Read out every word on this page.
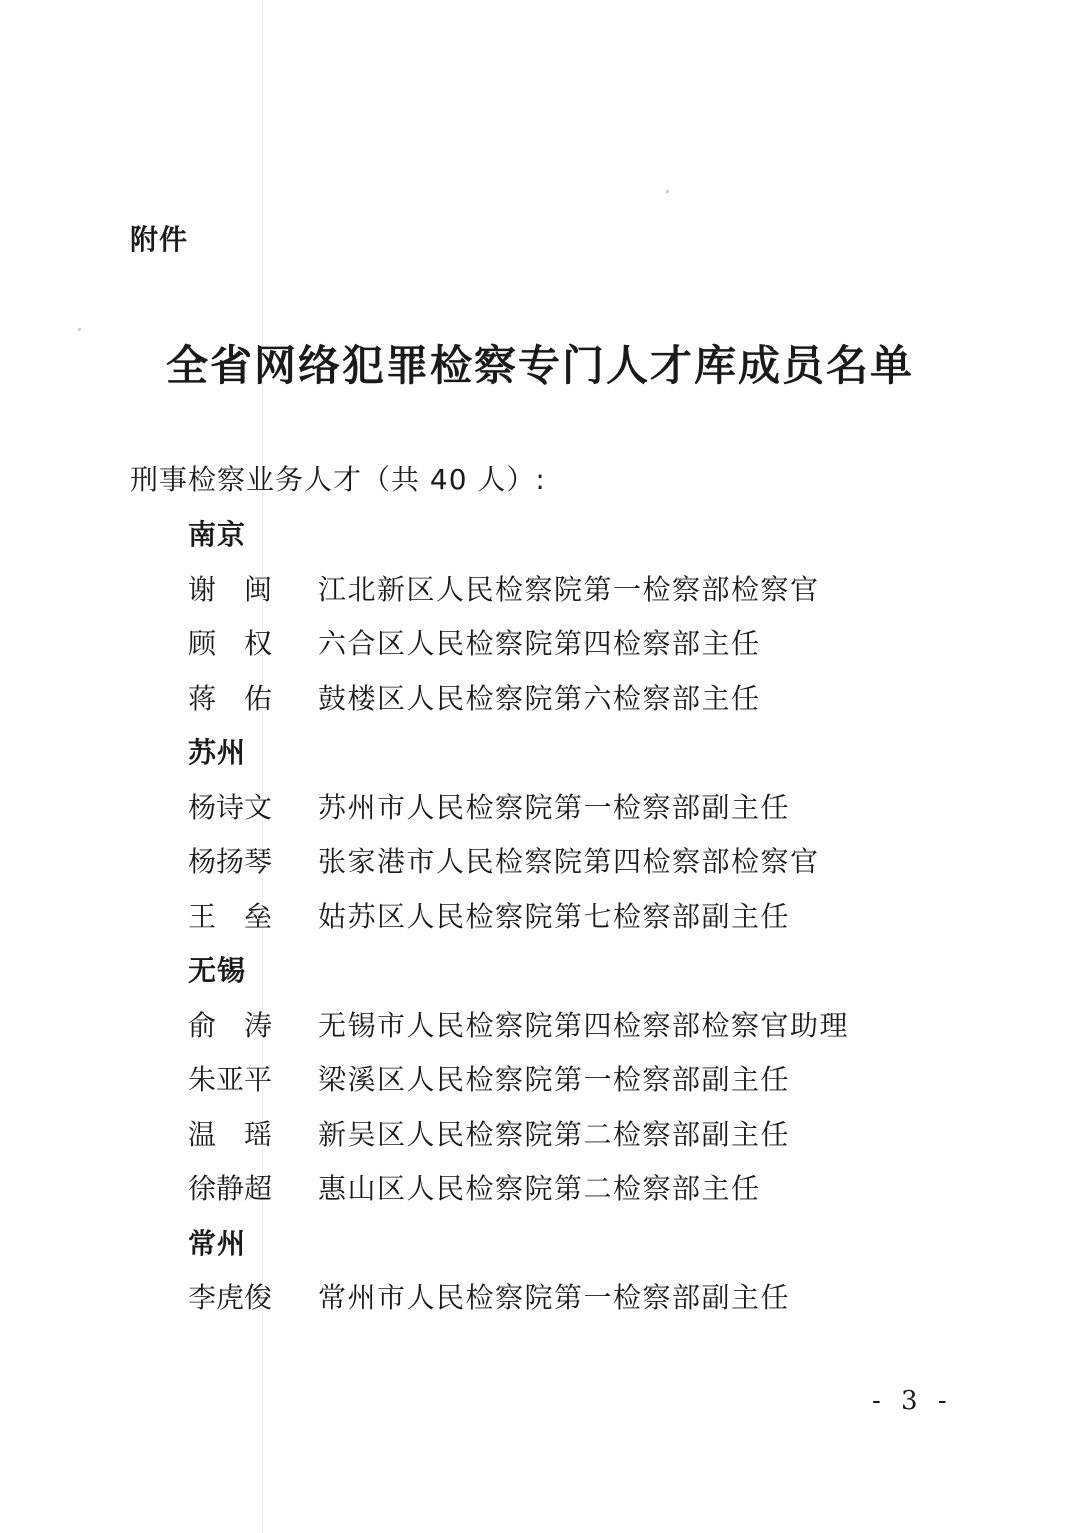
附件
全省网络犯罪检察专门人才库成员名单
刑事检察业务人才（共 40 人）:
南京
谢闽 江北新区人民检察院第一检察部检察官
顾权 六合区人民检察院第四检察部主任
蒋佑 鼓楼区人民检察院第六检察部主任
苏州
杨诗文	苏州市人民检察院第一检察部副主任
杨扬琴	张家港市人民检察院第四检察部检察官
王垒 姑苏区人民检察院第七检察部副主任
无锡
俞涛 无锡市人民检察院第四检察部检察官助理
朱亚平	梁溪区人民检察院第一检察部副主任
温瑶 新吴区人民检察院第二检察部副主任
徐静超	惠山区人民检察院第二检察部主任
常州
李虎俊	常州市人民检察院第一检察部副主任
- 3 -
